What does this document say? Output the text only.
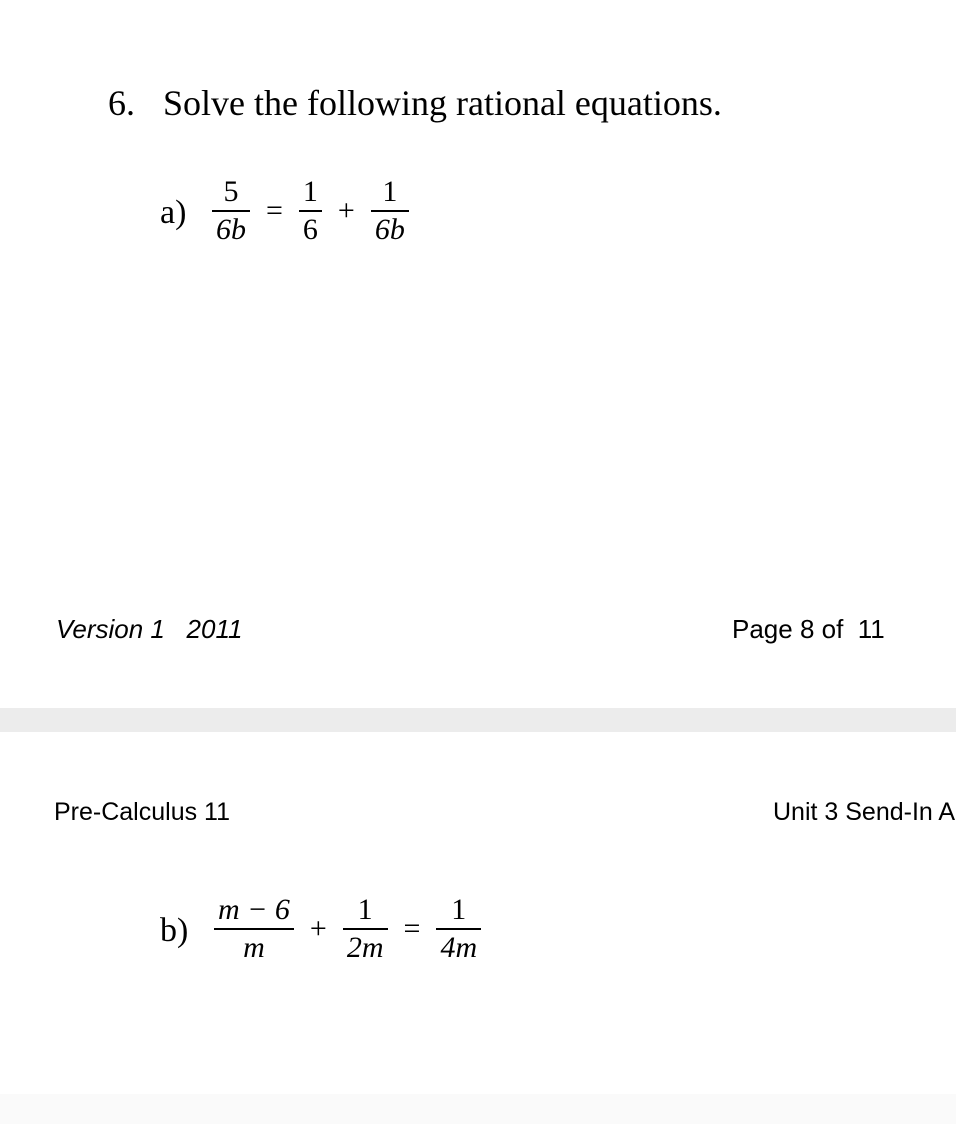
6. Solve the following rational equations.
$a) \frac{5}{6b} = \frac{1}{6} + \frac{1}{6b}$
Version 1   2011	Page 8 of  11
Pre-Calculus 11	Unit 3 Send-In A
$b) \frac{m - 6}{m} + \frac{1}{2m} = \frac{1}{4m}$
